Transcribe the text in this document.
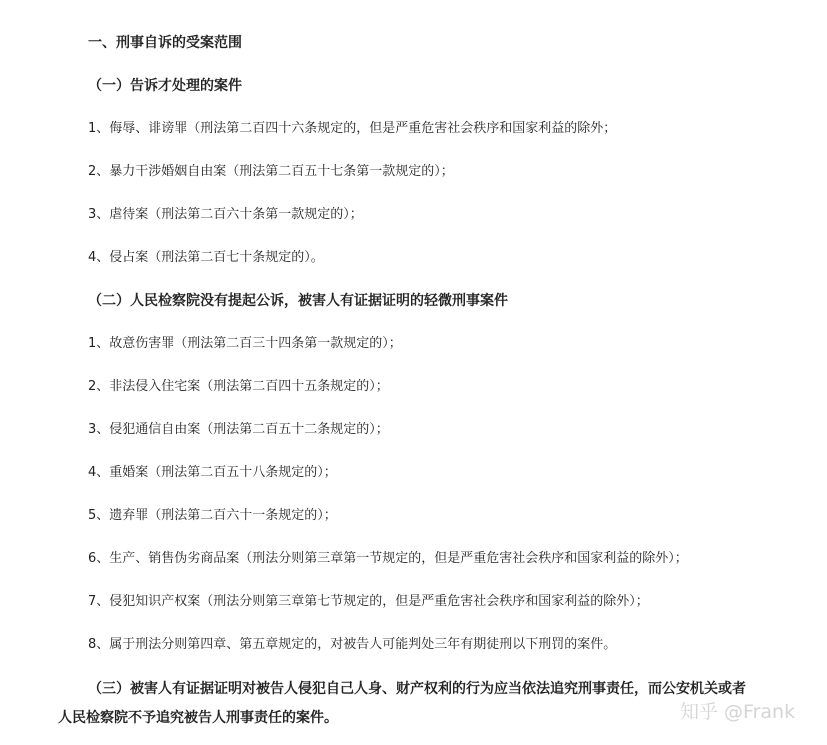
一、刑事自诉的受案范围
（一）告诉才处理的案件
1、侮辱、诽谤罪（刑法第二百四十六条规定的，但是严重危害社会秩序和国家利益的除外；
2、暴力干涉婚姻自由案（刑法第二百五十七条第一款规定的）；
3、虐待案（刑法第二百六十条第一款规定的）；
4、侵占案（刑法第二百七十条规定的）。
（二）人民检察院没有提起公诉，被害人有证据证明的轻微刑事案件
1、故意伤害罪（刑法第二百三十四条第一款规定的）；
2、非法侵入住宅案（刑法第二百四十五条规定的）；
3、侵犯通信自由案（刑法第二百五十二条规定的）；
4、重婚案（刑法第二百五十八条规定的）；
5、遗弃罪（刑法第二百六十一条规定的）；
6、生产、销售伪劣商品案（刑法分则第三章第一节规定的，但是严重危害社会秩序和国家利益的除外）；
7、侵犯知识产权案（刑法分则第三章第七节规定的，但是严重危害社会秩序和国家利益的除外）；
8、属于刑法分则第四章、第五章规定的，对被告人可能判处三年有期徒刑以下刑罚的案件。
（三）被害人有证据证明对被告人侵犯自己人身、财产权利的行为应当依法追究刑事责任，而公安机关或者
人民检察院不予追究被告人刑事责任的案件。	知乎 @Frank
